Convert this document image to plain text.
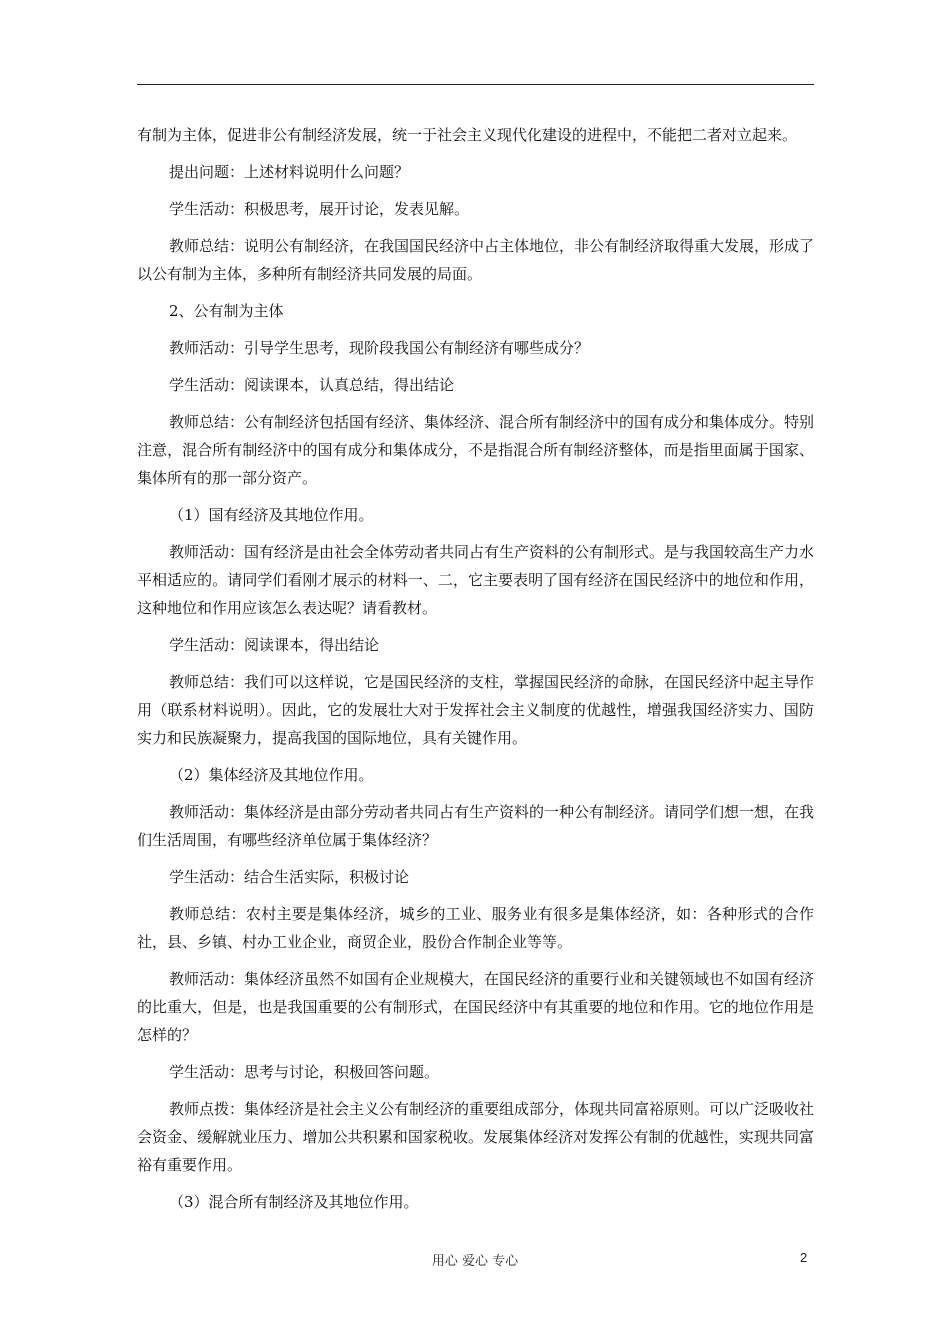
有制为主体，促进非公有制经济发展，统一于社会主义现代化建设的进程中，不能把二者对立起来。

提出问题：上述材料说明什么问题？

学生活动：积极思考，展开讨论，发表见解。

教师总结：说明公有制经济，在我国国民经济中占主体地位，非公有制经济取得重大发展，形成了以公有制为主体，多种所有制经济共同发展的局面。

2、公有制为主体

教师活动：引导学生思考，现阶段我国公有制经济有哪些成分？

学生活动：阅读课本，认真总结，得出结论

教师总结：公有制经济包括国有经济、集体经济、混合所有制经济中的国有成分和集体成分。特别注意，混合所有制经济中的国有成分和集体成分，不是指混合所有制经济整体，而是指里面属于国家、集体所有的那一部分资产。

（1）国有经济及其地位作用。

教师活动：国有经济是由社会全体劳动者共同占有生产资料的公有制形式。是与我国较高生产力水平相适应的。请同学们看刚才展示的材料一、二，它主要表明了国有经济在国民经济中的地位和作用，这种地位和作用应该怎么表达呢？请看教材。

学生活动：阅读课本，得出结论

教师总结：我们可以这样说，它是国民经济的支柱，掌握国民经济的命脉，在国民经济中起主导作用（联系材料说明）。因此，它的发展壮大对于发挥社会主义制度的优越性，增强我国经济实力、国防实力和民族凝聚力，提高我国的国际地位，具有关键作用。

（2）集体经济及其地位作用。

教师活动：集体经济是由部分劳动者共同占有生产资料的一种公有制经济。请同学们想一想，在我们生活周围，有哪些经济单位属于集体经济？

学生活动：结合生活实际，积极讨论

教师总结：农村主要是集体经济，城乡的工业、服务业有很多是集体经济，如：各种形式的合作社，县、乡镇、村办工业企业，商贸企业，股份合作制企业等等。

教师活动：集体经济虽然不如国有企业规模大，在国民经济的重要行业和关键领域也不如国有经济的比重大，但是，也是我国重要的公有制形式，在国民经济中有其重要的地位和作用。它的地位作用是怎样的？

学生活动：思考与讨论，积极回答问题。

教师点拨：集体经济是社会主义公有制经济的重要组成部分，体现共同富裕原则。可以广泛吸收社会资金、缓解就业压力、增加公共积累和国家税收。发展集体经济对发挥公有制的优越性，实现共同富裕有重要作用。

（3）混合所有制经济及其地位作用。

用心 爱心 专心	2
